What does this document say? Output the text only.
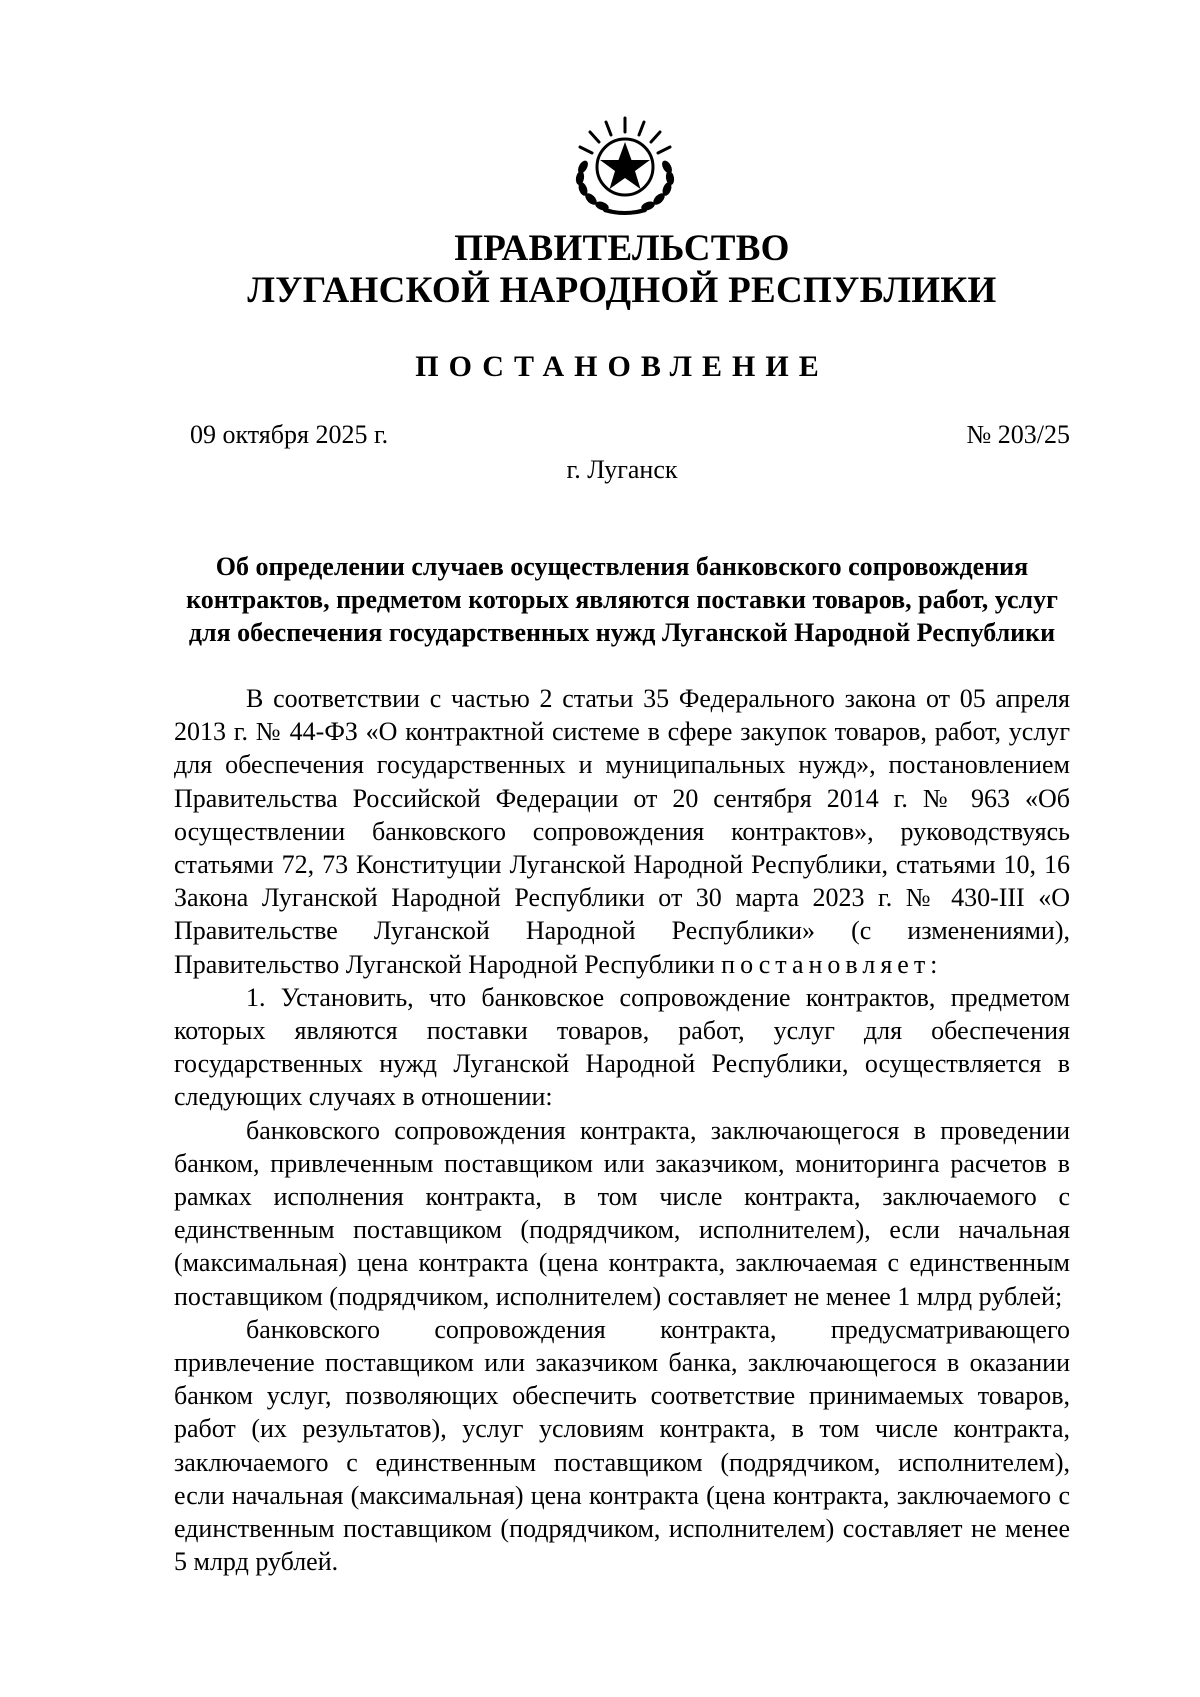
ПРАВИТЕЛЬСТВО
ЛУГАНСКОЙ НАРОДНОЙ РЕСПУБЛИКИ
ПОСТАНОВЛЕНИЕ
09 октября 2025 г.	№ 203/25
г. Луганск
Об определении случаев осуществления банковского сопровождения
контрактов, предметом которых являются поставки товаров, работ, услуг
для обеспечения государственных нужд Луганской Народной Республики

В соответствии с частью 2 статьи 35 Федерального закона от 05 апреля 2013 г. № 44-ФЗ «О контрактной системе в сфере закупок товаров, работ, услуг для обеспечения государственных и муниципальных нужд», постановлением Правительства Российской Федерации от 20 сентября 2014 г. № 963 «Об осуществлении банковского сопровождения контрактов», руководствуясь статьями 72, 73 Конституции Луганской Народной Республики, статьями 10, 16 Закона Луганской Народной Республики от 30 марта 2023 г. № 430-III «О Правительстве Луганской Народной Республики» (с изменениями), Правительство Луганской Народной Республики постановляет:

1. Установить, что банковское сопровождение контрактов, предметом которых являются поставки товаров, работ, услуг для обеспечения государственных нужд Луганской Народной Республики, осуществляется в следующих случаях в отношении:

банковского сопровождения контракта, заключающегося в проведении банком, привлеченным поставщиком или заказчиком, мониторинга расчетов в рамках исполнения контракта, в том числе контракта, заключаемого с единственным поставщиком (подрядчиком, исполнителем), если начальная (максимальная) цена контракта (цена контракта, заключаемая с единственным поставщиком (подрядчиком, исполнителем) составляет не менее 1 млрд рублей;

банковского сопровождения контракта, предусматривающего привлечение поставщиком или заказчиком банка, заключающегося в оказании банком услуг, позволяющих обеспечить соответствие принимаемых товаров, работ (их результатов), услуг условиям контракта, в том числе контракта, заключаемого с единственным поставщиком (подрядчиком, исполнителем), если начальная (максимальная) цена контракта (цена контракта, заключаемого с единственным поставщиком (подрядчиком, исполнителем) составляет не менее 5 млрд рублей.
